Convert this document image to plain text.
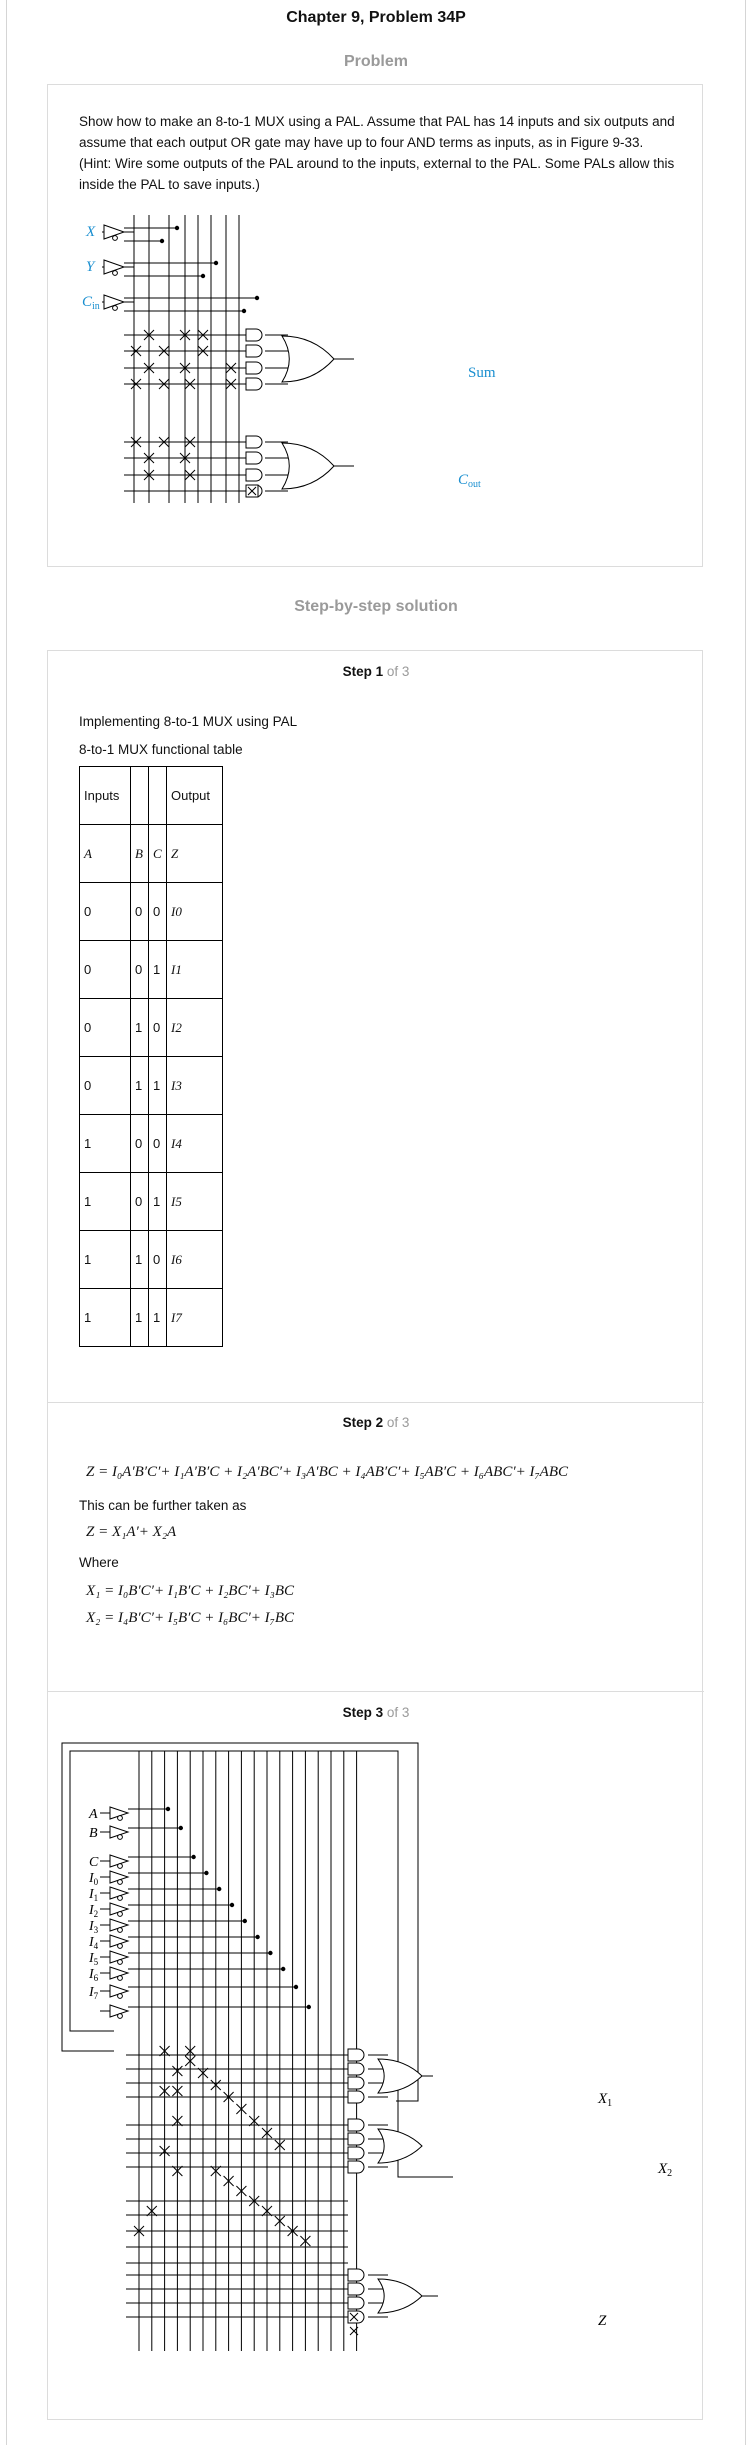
Chapter 9, Problem 34P
Problem

Show how to make an 8-to-1 MUX using a PAL. Assume that PAL has 14 inputs and six outputs and assume that each output OR gate may have up to four AND terms as inputs, as in Figure 9-33. (Hint: Wire some outputs of the PAL around to the inputs, external to the PAL. Some PALs allow this inside the PAL to save inputs.)

X
Y
$C_{in}$
Sum
$C_{out}$
Step-by-step solution
Step 1 of 3

Implementing 8-to-1 MUX using PAL

8-to-1 MUX functional table

Inputs			Output
A	B	C	Z
0	0	0	I0
0	0	1	I1
0	1	0	I2
0	1	1	I3
1	0	0	I4
1	0	1	I5
1	1	0	I6
1	1	1	I7
Step 2 of 3
Z = I₀A′B′C′+ I₁A′B′C + I₂A′BC′+ I₃A′BC + I₄AB′C′+ I₅AB′C + I₆ABC′+ I₇ABC

This can be further taken as

Z = X₁A′+ X₂A

Where

X₁ = I₀B′C′+ I₁B′C + I₂BC′+ I₃BC
X₂ = I₄B′C′+ I₅B′C + I₆BC′+ I₇BC
Step 3 of 3
A
B
C
$I_0$
$I_1$
$I_2$
$I_3$
$I_4$
$I_5$
$I_6$
$I_7$
$X_2$
$X_1$
Z
